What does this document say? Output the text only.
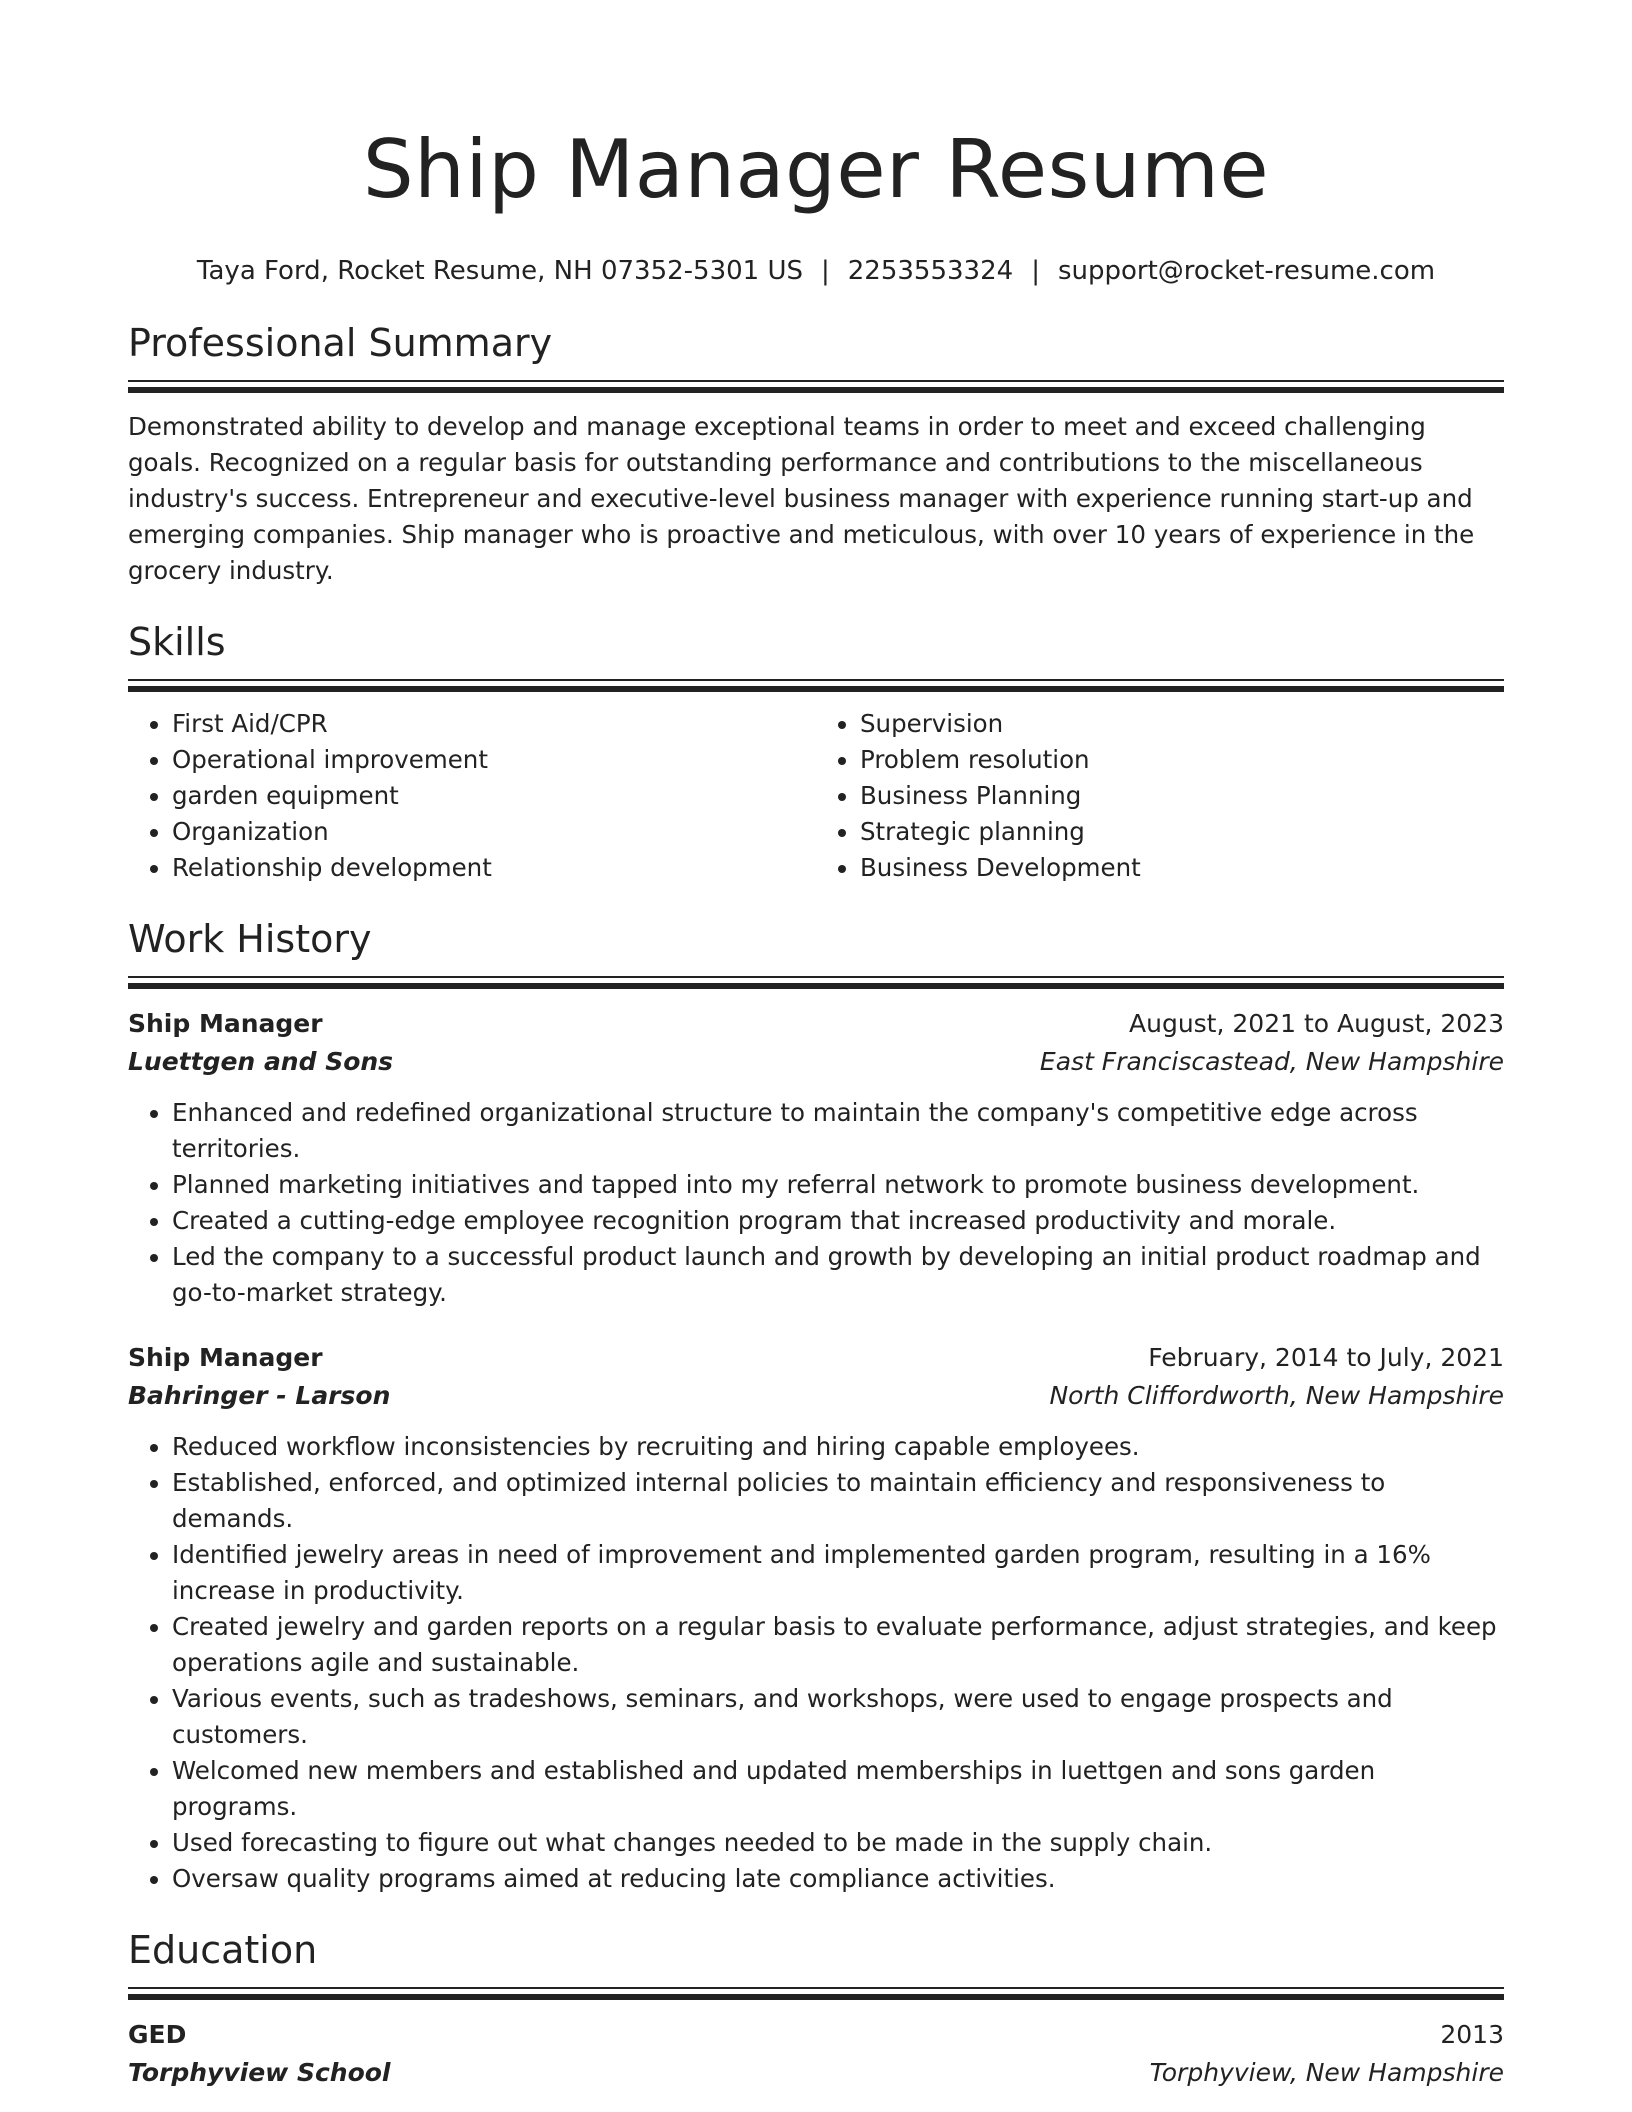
Ship Manager Resume
Taya Ford, Rocket Resume, NH 07352-5301 US | 2253553324 | support@rocket-resume.com
Professional Summary

Demonstrated ability to develop and manage exceptional teams in order to meet and exceed challenging goals. Recognized on a regular basis for outstanding performance and contributions to the miscellaneous industry's success. Entrepreneur and executive-level business manager with experience running start-up and emerging companies. Ship manager who is proactive and meticulous, with over 10 years of experience in the grocery industry.

Skills
• First Aid/CPR
• Operational improvement
• garden equipment
• Organization
• Relationship development
• Supervision
• Problem resolution
• Business Planning
• Strategic planning
• Business Development
Work History
Ship Manager	August, 2021 to August, 2023
Luettgen and Sons	East Franciscastead, New Hampshire
• Enhanced and redefined organizational structure to maintain the company's competitive edge across territories.
• Planned marketing initiatives and tapped into my referral network to promote business development.
• Created a cutting-edge employee recognition program that increased productivity and morale.
• Led the company to a successful product launch and growth by developing an initial product roadmap and go-to-market strategy.
Ship Manager	February, 2014 to July, 2021
Bahringer - Larson	North Cliffordworth, New Hampshire
• Reduced workflow inconsistencies by recruiting and hiring capable employees.
• Established, enforced, and optimized internal policies to maintain efficiency and responsiveness to demands.
• Identified jewelry areas in need of improvement and implemented garden program, resulting in a 16% increase in productivity.
• Created jewelry and garden reports on a regular basis to evaluate performance, adjust strategies, and keep operations agile and sustainable.
• Various events, such as tradeshows, seminars, and workshops, were used to engage prospects and customers.
• Welcomed new members and established and updated memberships in luettgen and sons garden programs.
• Used forecasting to figure out what changes needed to be made in the supply chain.
• Oversaw quality programs aimed at reducing late compliance activities.
Education
GED	2013
Torphyview School	Torphyview, New Hampshire
